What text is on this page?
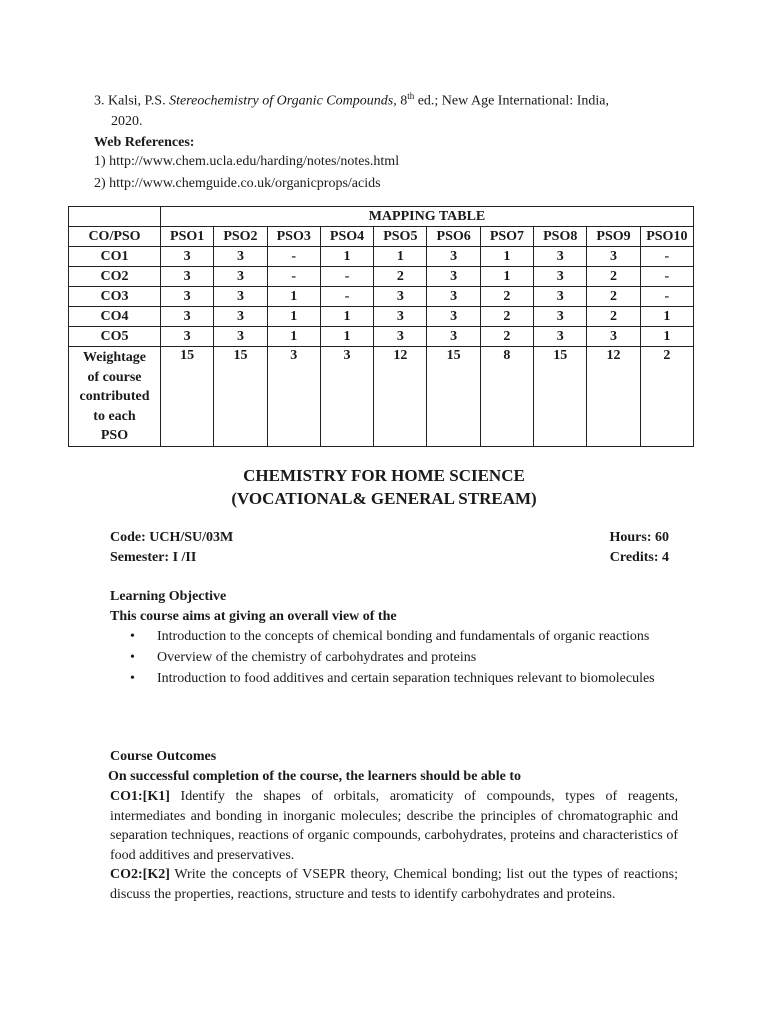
3. Kalsi, P.S. Stereochemistry of Organic Compounds, 8th ed.; New Age International: India,
2020.
Web References:
1) http://www.chem.ucla.edu/harding/notes/notes.html
2) http://www.chemguide.co.uk/organicprops/acids
	MAPPING TABLE									
CO/PSO	PSO1	PSO2	PSO3	PSO4	PSO5	PSO6	PSO7	PSO8	PSO9	PSO10
CO1	3	3	-	1	1	3	1	3	3	-
CO2	3	3	-	-	2	3	1	3	2	-
CO3	3	3	1	-	3	3	2	3	2	-
CO4	3	3	1	1	3	3	2	3	2	1
CO5	3	3	1	1	3	3	2	3	3	1

Weightage
of course
contributed
to each
PSO	15	15	3	3	12	15	8	15	12	2
CHEMISTRY FOR HOME SCIENCE
(VOCATIONAL& GENERAL STREAM)
Code: UCH/SU/03M
Semester: I /II
Hours: 60
Credits: 4
Learning Objective
This course aims at giving an overall view of the
• Introduction to the concepts of chemical bonding and fundamentals of organic reactions
• Overview of the chemistry of carbohydrates and proteins
• Introduction to food additives and certain separation techniques relevant to biomolecules
Course Outcomes
On successful completion of the course, the learners should be able to
CO1:[K1] Identify the shapes of orbitals, aromaticity of compounds, types of reagents, intermediates and bonding in inorganic molecules; describe the principles of chromatographic and separation techniques, reactions of organic compounds, carbohydrates, proteins and characteristics of food additives and preservatives.
CO2:[K2] Write the concepts of VSEPR theory, Chemical bonding; list out the types of reactions; discuss the properties, reactions, structure and tests to identify carbohydrates and proteins.
